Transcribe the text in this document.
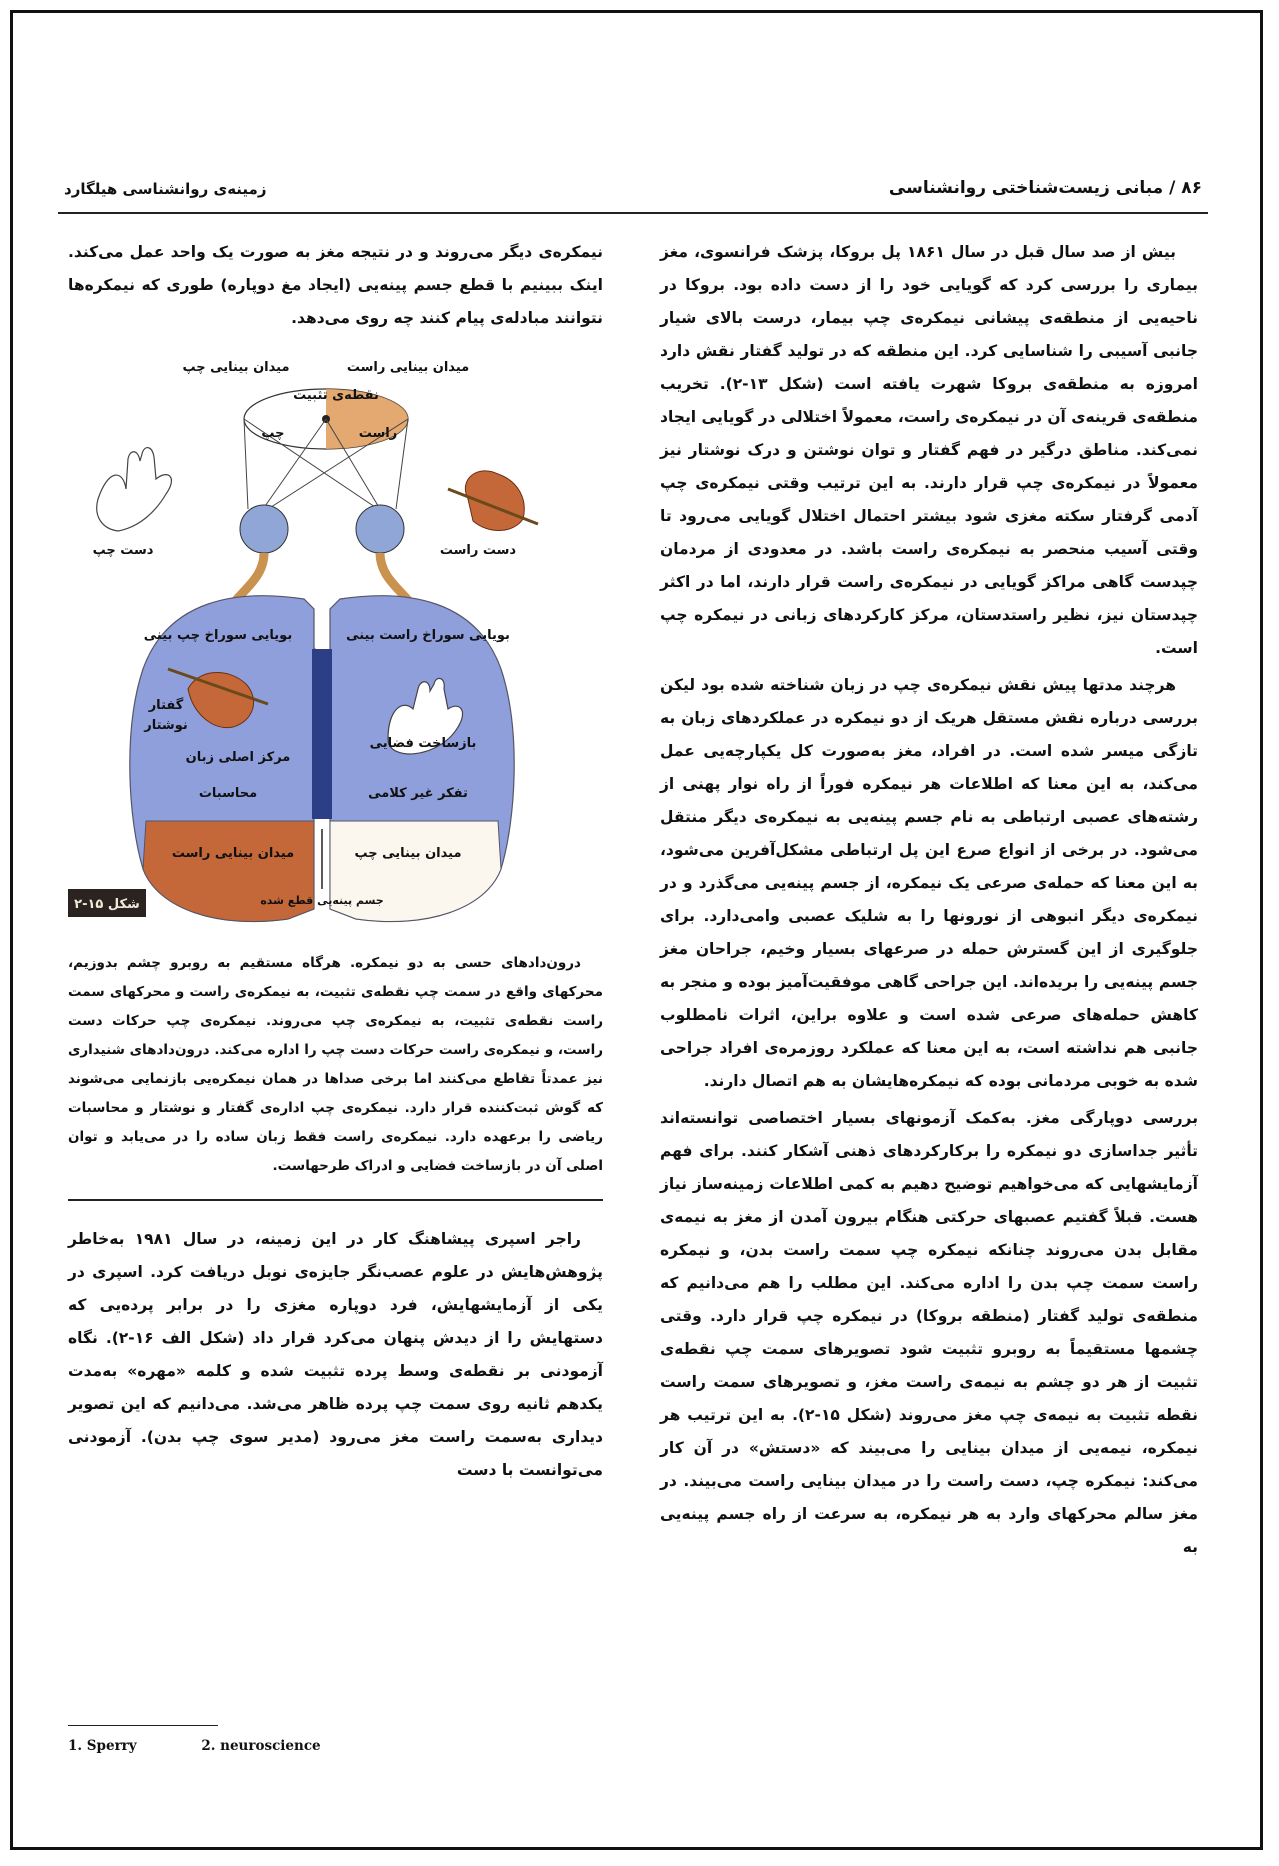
۸۶ / مبانی زیست‌شناختی روانشناسی
زمینه‌ی روانشناسی هیلگارد

بیش از صد سال قبل در سال ۱۸۶۱ پل بروکا، پزشک فرانسوی، مغز بیماری را بررسی کرد که گویایی خود را از دست داده بود. بروکا در ناحیه‌یی از منطقه‌ی پیشانی نیمکره‌ی چپ بیمار، درست بالای شیار جانبی آسیبی را شناسایی کرد. این منطقه که در تولید گفتار نقش دارد امروزه به منطقه‌ی بروکا شهرت یافته است (شکل ۱۳-۲). تخریب منطقه‌ی قرینه‌ی آن در نیمکره‌ی راست، معمولاً اختلالی در گویایی ایجاد نمی‌کند. مناطق درگیر در فهم گفتار و توان نوشتن و درک نوشتار نیز معمولاً در نیمکره‌ی چپ قرار دارند. به این ترتیب وقتی نیمکره‌ی چپ آدمی گرفتار سکته مغزی شود بیشتر احتمال اختلال گویایی می‌رود تا وقتی آسیب منحصر به نیمکره‌ی راست باشد. در معدودی از مردمان چپدست گاهی مراکز گویایی در نیمکره‌ی راست قرار دارند، اما در اکثر چپدستان نیز، نظیر راستدستان، مرکز کارکردهای زبانی در نیمکره چپ است.

هرچند مدتها پیش نقش نیمکره‌ی چپ در زبان شناخته شده بود لیکن بررسی درباره نقش مستقل هریک از دو نیمکره در عملکردهای زبان به تازگی میسر شده است. در افراد، مغز به‌صورت کل یکپارچه‌یی عمل می‌کند، به این معنا که اطلاعات هر نیمکره فوراً از راه نوار پهنی از رشته‌های عصبی ارتباطی به نام جسم پینه‌یی به نیمکره‌ی دیگر منتقل می‌شود. در برخی از انواع صرع این پل ارتباطی مشکل‌آفرین می‌شود، به این معنا که حمله‌ی صرعی یک نیمکره، از جسم پینه‌یی می‌گذرد و در نیمکره‌ی دیگر انبوهی از نورونها را به شلیک عصبی وامی‌دارد. برای جلوگیری از این گسترش حمله در صرعهای بسیار وخیم، جراحان مغز جسم پینه‌یی را بریده‌اند. این جراحی گاهی موفقیت‌آمیز بوده و منجر به کاهش حمله‌های صرعی شده است و علاوه براین، اثرات نامطلوب جانبی هم نداشته است، به این معنا که عملکرد روزمره‌ی افراد جراحی شده به خوبی مردمانی بوده که نیمکره‌هایشان به هم اتصال دارند.

بررسی دوپارگی مغز. به‌کمک آزمونهای بسیار اختصاصی توانسته‌اند تأثیر جداسازی دو نیمکره را برکارکردهای ذهنی آشکار کنند. برای فهم آزمایشهایی که می‌خواهیم توضیح دهیم به کمی اطلاعات زمینه‌ساز نیاز هست. قبلاً گفتیم عصبهای حرکتی هنگام بیرون آمدن از مغز به نیمه‌ی مقابل بدن می‌روند چنانکه نیمکره چپ سمت راست بدن، و نیمکره راست سمت چپ بدن را اداره می‌کند. این مطلب را هم می‌دانیم که منطقه‌ی تولید گفتار (منطقه بروکا) در نیمکره چپ قرار دارد. وقتی چشمها مستقیماً به روبرو تثبیت شود تصویرهای سمت چپ نقطه‌ی تثبیت از هر دو چشم به نیمه‌ی راست مغز، و تصویرهای سمت راست نقطه تثبیت به نیمه‌ی چپ مغز می‌روند (شکل ۱۵-۲). به این ترتیب هر نیمکره، نیمه‌یی از میدان بینایی را می‌بیند که «دستش» در آن کار می‌کند: نیمکره چپ، دست راست را در میدان بینایی راست می‌بیند. در مغز سالم محرکهای وارد به هر نیمکره، به سرعت از راه جسم پینه‌یی به

نیمکره‌ی دیگر می‌روند و در نتیجه مغز به صورت یک واحد عمل می‌کند. اینک ببینیم با قطع جسم پینه‌یی (ایجاد مغ دوپاره) طوری که نیمکره‌ها نتوانند مبادله‌ی پیام کنند چه روی می‌دهد.

میدان بینایی چپ	میدان بینایی راست
نقطه‌ی تثبیت
چپ	راست
دست چپ	دست راست
بویایی سوراخ چپ بینی	بویایی سوراخ راست بینی
گفتار
نوشتار
مرکز اصلی زبان
محاسبات
بازساخت فضایی
تفکر غیر کلامی
میدان بینایی راست	میدان بینایی چپ
جسم پینه‌یی قطع شده
شکل ۱۵-۲

درون‌دادهای حسی به دو نیمکره. هرگاه مستقیم به روبرو چشم بدوزیم، محرکهای واقع در سمت چپ نقطه‌ی تثبیت، به نیمکره‌ی راست و محرکهای سمت راست نقطه‌ی تثبیت، به نیمکره‌ی چپ می‌روند. نیمکره‌ی چپ حرکات دست راست، و نیمکره‌ی راست حرکات دست چپ را اداره می‌کند. درون‌دادهای شنیداری نیز عمدتاً تقاطع می‌کنند اما برخی صداها در همان نیمکره‌یی بازنمایی می‌شوند که گوش ثبت‌کننده قرار دارد. نیمکره‌ی چپ اداره‌ی گفتار و نوشتار و محاسبات ریاضی را برعهده دارد. نیمکره‌ی راست فقط زبان ساده را در می‌یابد و توان اصلی آن در بازساخت فضایی و ادراک طرحهاست.

راجر اسپری پیشاهنگ کار در این زمینه، در سال ۱۹۸۱ به‌خاطر پژوهش‌هایش در علوم عصب‌نگر جایزه‌ی نوبل دریافت کرد. اسپری در یکی از آزمایشهایش، فرد دوپاره مغزی را در برابر پرده‌یی که دستهایش را از دیدش پنهان می‌کرد قرار داد (شکل الف ۱۶-۲). نگاه آزمودنی بر نقطه‌ی وسط پرده تثبیت شده و کلمه «مهره» به‌مدت یکدهم ثانیه روی سمت چپ پرده ظاهر می‌شد. می‌دانیم که این تصویر دیداری به‌سمت راست مغز می‌رود (مدیر سوی چپ بدن). آزمودنی می‌توانست با دست

1. Sperry	2. neuroscience
